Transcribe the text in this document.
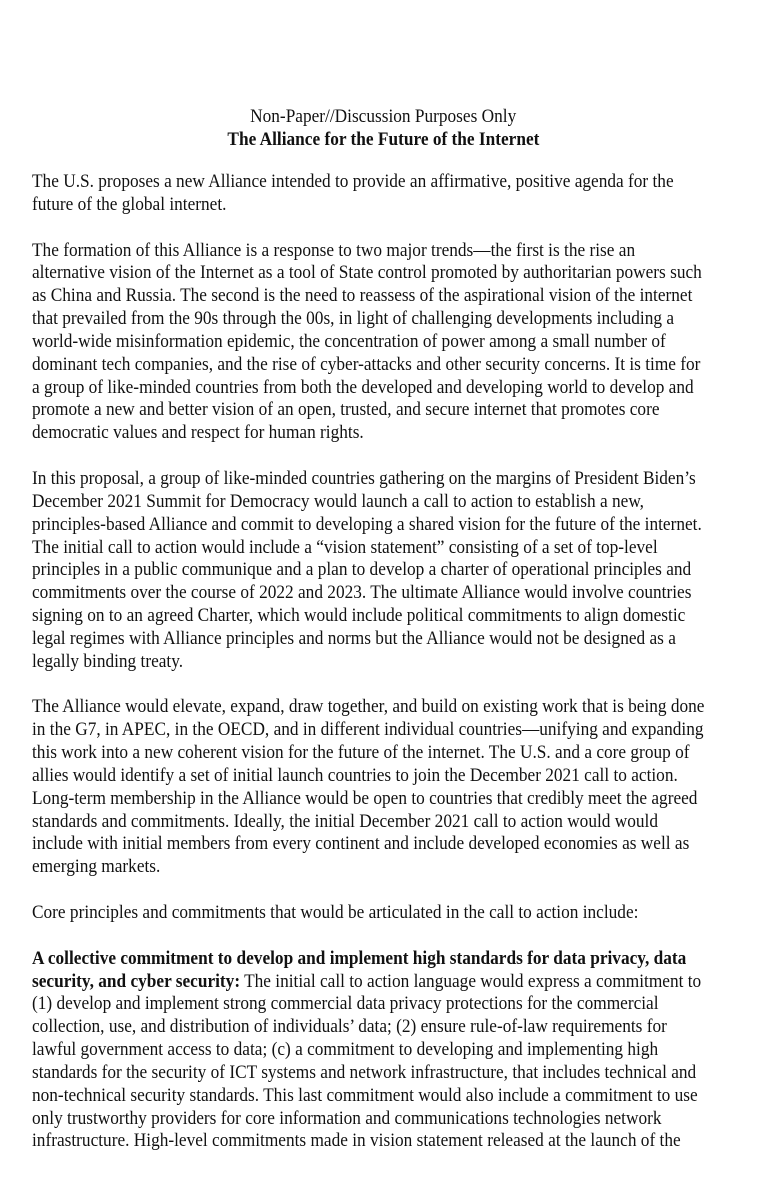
Non-Paper//Discussion Purposes Only
The Alliance for the Future of the Internet
The U.S. proposes a new Alliance intended to provide an affirmative, positive agenda for the
future of the global internet.
The formation of this Alliance is a response to two major trends—the first is the rise an
alternative vision of the Internet as a tool of State control promoted by authoritarian powers such
as China and Russia. The second is the need to reassess of the aspirational vision of the internet
that prevailed from the 90s through the 00s, in light of challenging developments including a
world-wide misinformation epidemic, the concentration of power among a small number of
dominant tech companies, and the rise of cyber-attacks and other security concerns. It is time for
a group of like-minded countries from both the developed and developing world to develop and
promote a new and better vision of an open, trusted, and secure internet that promotes core
democratic values and respect for human rights.
In this proposal, a group of like-minded countries gathering on the margins of President Biden’s
December 2021 Summit for Democracy would launch a call to action to establish a new,
principles-based Alliance and commit to developing a shared vision for the future of the internet.
The initial call to action would include a “vision statement” consisting of a set of top-level
principles in a public communique and a plan to develop a charter of operational principles and
commitments over the course of 2022 and 2023. The ultimate Alliance would involve countries
signing on to an agreed Charter, which would include political commitments to align domestic
legal regimes with Alliance principles and norms but the Alliance would not be designed as a
legally binding treaty.
The Alliance would elevate, expand, draw together, and build on existing work that is being done
in the G7, in APEC, in the OECD, and in different individual countries—unifying and expanding
this work into a new coherent vision for the future of the internet. The U.S. and a core group of
allies would identify a set of initial launch countries to join the December 2021 call to action.
Long-term membership in the Alliance would be open to countries that credibly meet the agreed
standards and commitments. Ideally, the initial December 2021 call to action would would
include with initial members from every continent and include developed economies as well as
emerging markets.
Core principles and commitments that would be articulated in the call to action include:
A collective commitment to develop and implement high standards for data privacy, data
security, and cyber security: The initial call to action language would express a commitment to
(1) develop and implement strong commercial data privacy protections for the commercial
collection, use, and distribution of individuals’ data; (2) ensure rule-of-law requirements for
lawful government access to data; (c) a commitment to developing and implementing high
standards for the security of ICT systems and network infrastructure, that includes technical and
non-technical security standards. This last commitment would also include a commitment to use
only trustworthy providers for core information and communications technologies network
infrastructure. High-level commitments made in vision statement released at the launch of the
